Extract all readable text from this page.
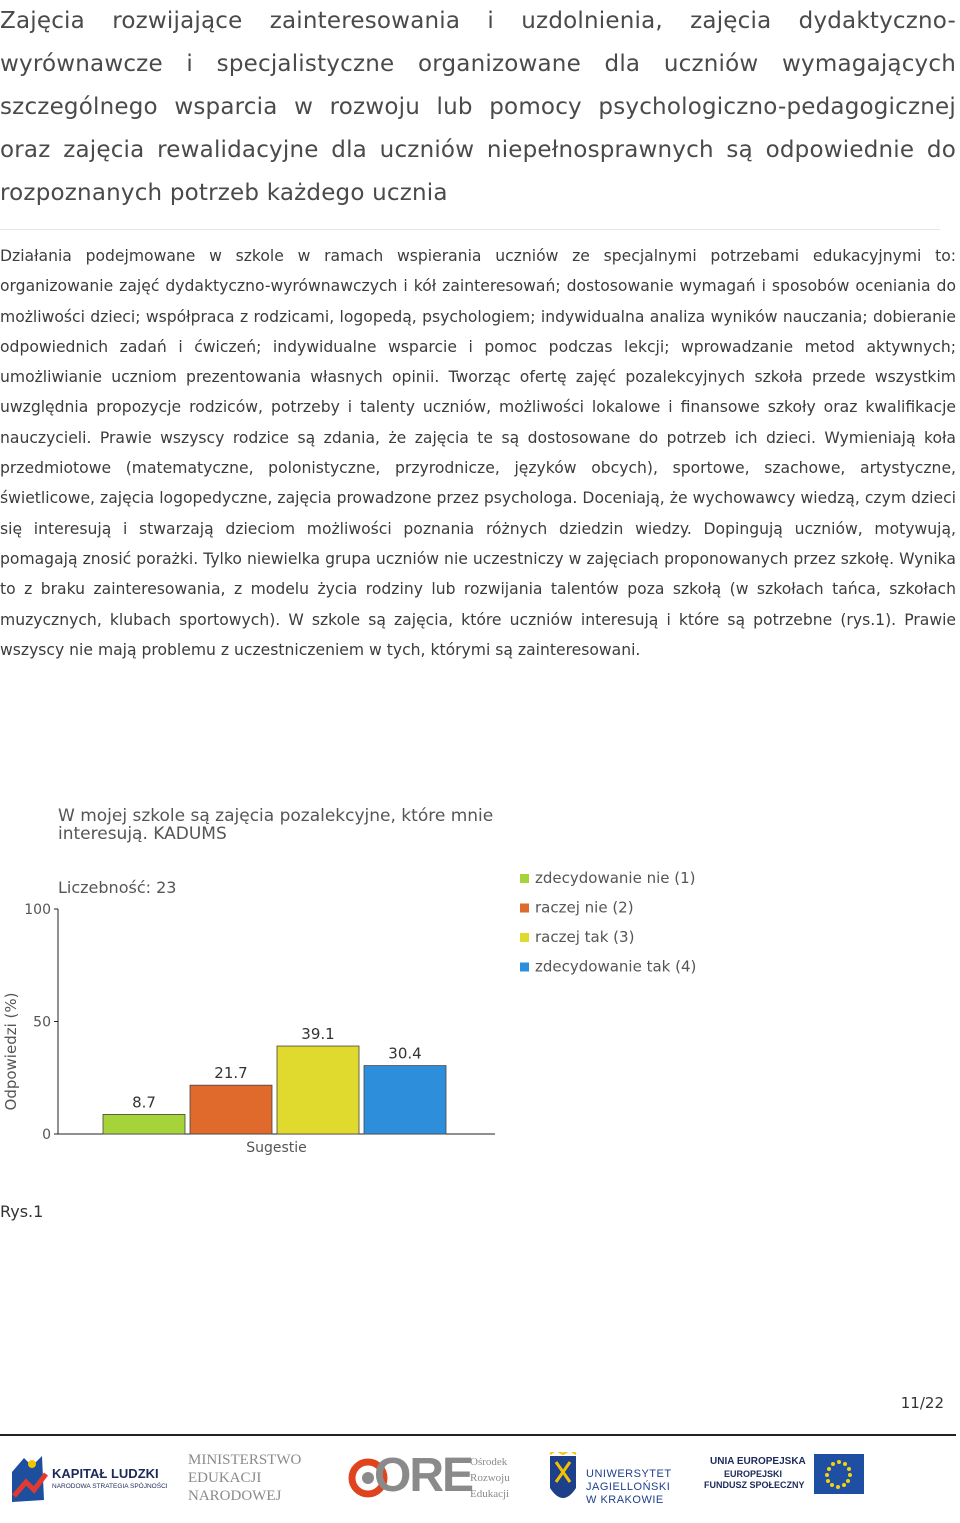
Zajęcia rozwijające zainteresowania i uzdolnienia, zajęcia dydaktyczno-wyrównawcze i specjalistyczne organizowane dla uczniów wymagających szczególnego wsparcia w rozwoju lub pomocy psychologiczno-pedagogicznej oraz zajęcia rewalidacyjne dla uczniów niepełnosprawnych są odpowiednie do rozpoznanych potrzeb każdego ucznia
Działania podejmowane w szkole w ramach wspierania uczniów ze specjalnymi potrzebami edukacyjnymi to: organizowanie zajęć dydaktyczno-wyrównawczych i kół zainteresowań; dostosowanie wymagań i sposobów oceniania do możliwości dzieci; współpraca z rodzicami, logopedą, psychologiem; indywidualna analiza wyników nauczania; dobieranie odpowiednich zadań i ćwiczeń; indywidualne wsparcie i pomoc podczas lekcji; wprowadzanie metod aktywnych; umożliwianie uczniom prezentowania własnych opinii. Tworząc ofertę zajęć pozalekcyjnych szkoła przede wszystkim uwzględnia propozycje rodziców, potrzeby i talenty uczniów, możliwości lokalowe i finansowe szkoły oraz kwalifikacje nauczycieli. Prawie wszyscy rodzice są zdania, że zajęcia te są dostosowane do potrzeb ich dzieci. Wymieniają koła przedmiotowe (matematyczne, polonistyczne, przyrodnicze, języków obcych), sportowe, szachowe, artystyczne, świetlicowe, zajęcia logopedyczne, zajęcia prowadzone przez psychologa. Doceniają, że wychowawcy wiedzą, czym dzieci się interesują i stwarzają dzieciom możliwości poznania różnych dziedzin wiedzy. Dopingują uczniów, motywują, pomagają znosić porażki. Tylko niewielka grupa uczniów nie uczestniczy w zajęciach proponowanych przez szkołę. Wynika to z braku zainteresowania, z modelu życia rodziny lub rozwijania talentów poza szkołą (w szkołach tańca, szkołach muzycznych, klubach sportowych). W szkole są zajęcia, które uczniów interesują i które są potrzebne (rys.1). Prawie wszyscy nie mają problemu z uczestniczeniem w tych, którymi są zainteresowani.
W mojej szkole są zajęcia pozalekcyjne, które mnie
interesują. KADUMS
Liczebność: 23
0
50
100
Odpowiedzi (%)
Sugestie
8.7
21.7
39.1
30.4
zdecydowanie nie (1)
raczej nie (2)
raczej tak (3)
zdecydowanie tak (4)
Rys.1
11/22
KAPITAŁ LUDZKI
NARODOWA STRATEGIA SPÓJNOŚCI
MINISTERSTWO
EDUKACJI
NARODOWEJ ORE
Ośrodek
Rozwoju
Edukacji
UNIWERSYTET
JAGIELLOŃSKI
W KRAKOWIE
UNIA EUROPEJSKA
EUROPEJSKI
FUNDUSZ SPOŁECZNY
